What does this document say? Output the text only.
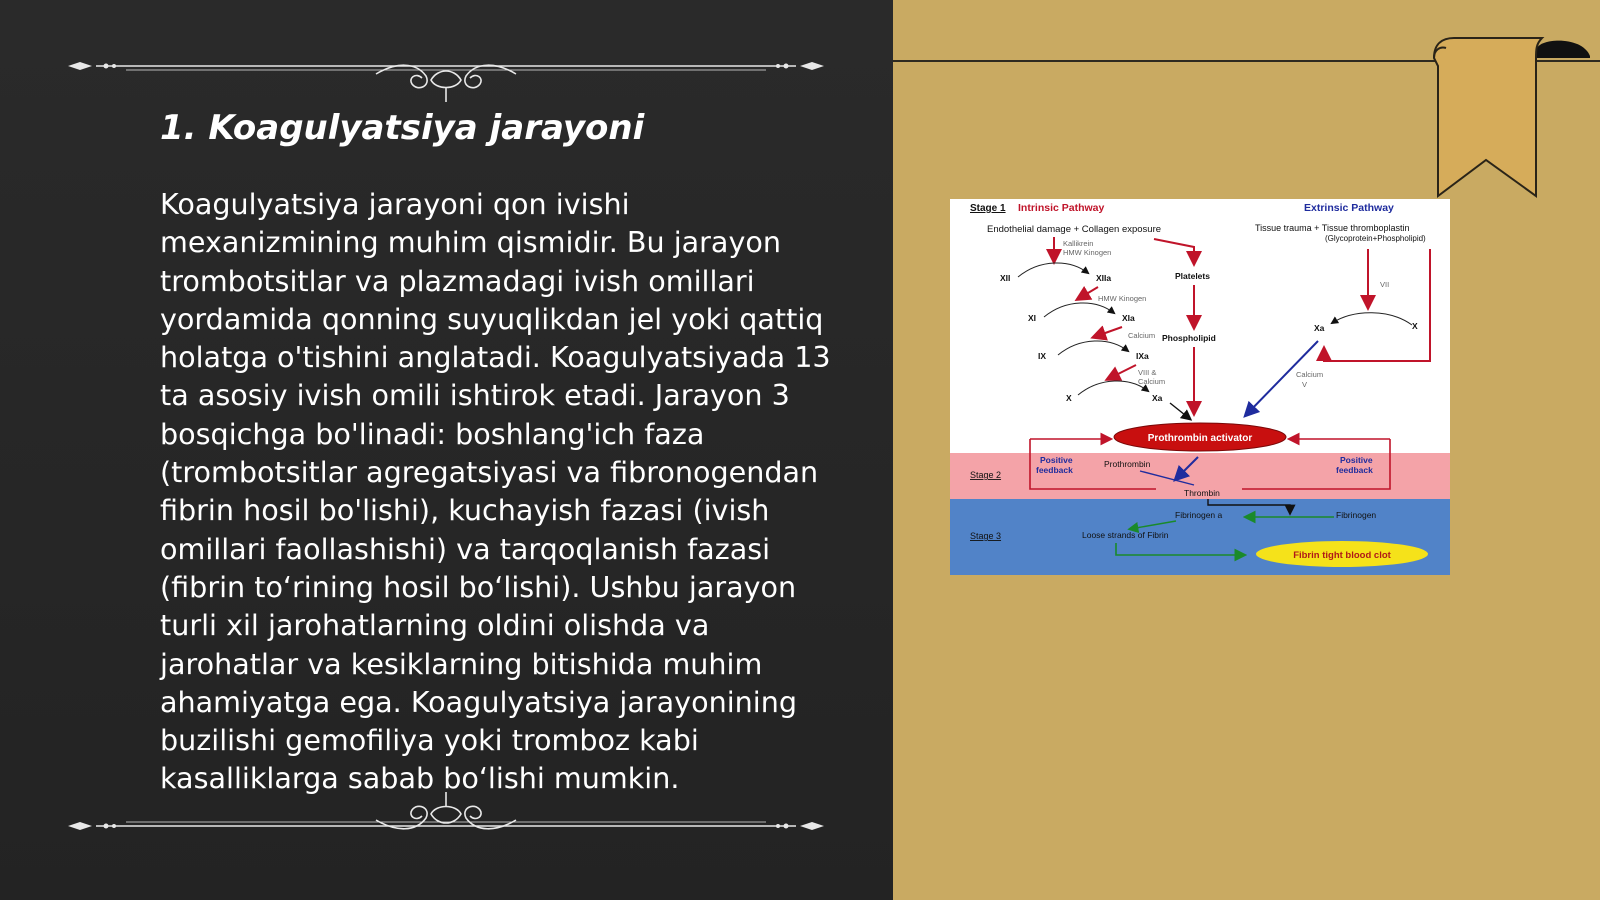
1. Koagulyatsiya jarayoni

Koagulyatsiya jarayoni qon ivishi mexanizmining muhim qismidir. Bu jarayon trombotsitlar va plazmadagi ivish omillari yordamida qonning suyuqlikdan jel yoki qattiq holatga o'tishini anglatadi. Koagulyatsiyada 13 ta asosiy ivish omili ishtirok etadi. Jarayon 3 bosqichga bo'linadi: boshlang'ich faza (trombotsitlar agregatsiyasi va fibronogendan fibrin hosil bo'lishi), kuchayish fazasi (ivish omillari faollashishi) va tarqoqlanish fazasi (fibrin to‘rining hosil bo‘lishi). Ushbu jarayon turli xil jarohatlarning oldini olishda va jarohatlar va kesiklarning bitishida muhim ahamiyatga ega. Koagulyatsiya jarayonining buzilishi gemofiliya yoki tromboz kabi kasalliklarga sabab bo‘lishi mumkin.

Stage 1 Intrinsic Pathway	Extrinsic Pathway
Endothelial damage + Collagen exposure	Tissue trauma + Tissue thromboplastin
(Glycoprotein+Phospholipid)
Kallikrein
HMW Kinogen
XII	XIIa
HMW Kinogen
XI	XIa
Calcium
IX	IXa
VIII &
Calcium
X	Xa
Platelets
Phospholipid
VII
Xa	X
Calcium
V
Prothrombin activator
Stage 2
Positive
feedback
Positive
feedback
Prothrombin
Thrombin
Stage 3
Fibrinogen a	Fibrinogen
Loose strands of Fibrin
Fibrin tight blood clot
